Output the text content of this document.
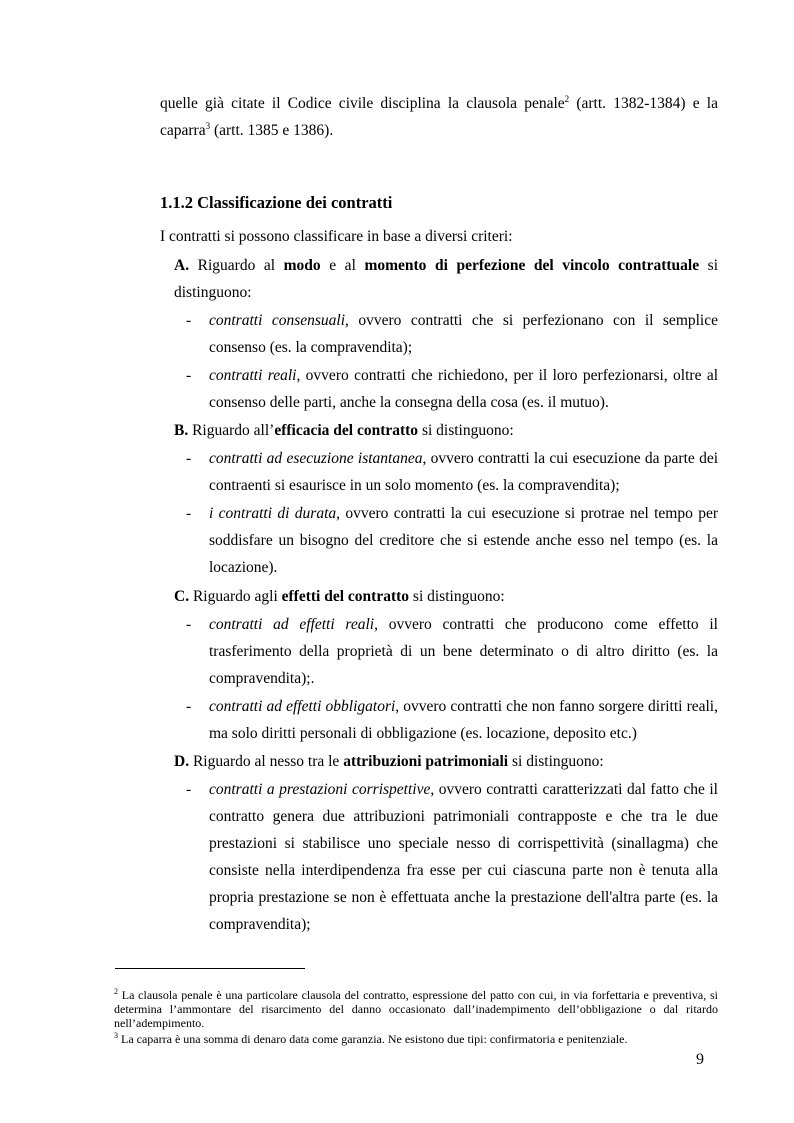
quelle già citate il Codice civile disciplina la clausola penale$^2$ (artt. 1382-1384) e la caparra$^3$ (artt. 1385 e 1386).

1.1.2 Classificazione dei contratti

I contratti si possono classificare in base a diversi criteri:

A. Riguardo al modo e al momento di perfezione del vincolo contrattuale si distinguono:

- contratti consensuali, ovvero contratti che si perfezionano con il semplice consenso (es. la compravendita);
- contratti reali, ovvero contratti che richiedono, per il loro perfezionarsi, oltre al consenso delle parti, anche la consegna della cosa (es. il mutuo).

B. Riguardo all’efficacia del contratto si distinguono:

- contratti ad esecuzione istantanea, ovvero contratti la cui esecuzione da parte dei contraenti si esaurisce in un solo momento (es. la compravendita);
- i contratti di durata, ovvero contratti la cui esecuzione si protrae nel tempo per soddisfare un bisogno del creditore che si estende anche esso nel tempo (es. la locazione).

C. Riguardo agli effetti del contratto si distinguono:

- contratti ad effetti reali, ovvero contratti che producono come effetto il trasferimento della proprietà di un bene determinato o di altro diritto (es. la compravendita);.
- contratti ad effetti obbligatori, ovvero contratti che non fanno sorgere diritti reali, ma solo diritti personali di obbligazione (es. locazione, deposito etc.)

D. Riguardo al nesso tra le attribuzioni patrimoniali si distinguono:

- contratti a prestazioni corrispettive, ovvero contratti caratterizzati dal fatto che il contratto genera due attribuzioni patrimoniali contrapposte e che tra le due prestazioni si stabilisce uno speciale nesso di corrispettività (sinallagma) che consiste nella interdipendenza fra esse per cui ciascuna parte non è tenuta alla propria prestazione se non è effettuata anche la prestazione dell'altra parte (es. la compravendita);

$^2$ La clausola penale è una particolare clausola del contratto, espressione del patto con cui, in via forfettaria e preventiva, si determina l’ammontare del risarcimento del danno occasionato dall’inadempimento dell’obbligazione o dal ritardo nell’adempimento.

$^3$ La caparra è una somma di denaro data come garanzia. Ne esistono due tipi: confirmatoria e penitenziale.

9
